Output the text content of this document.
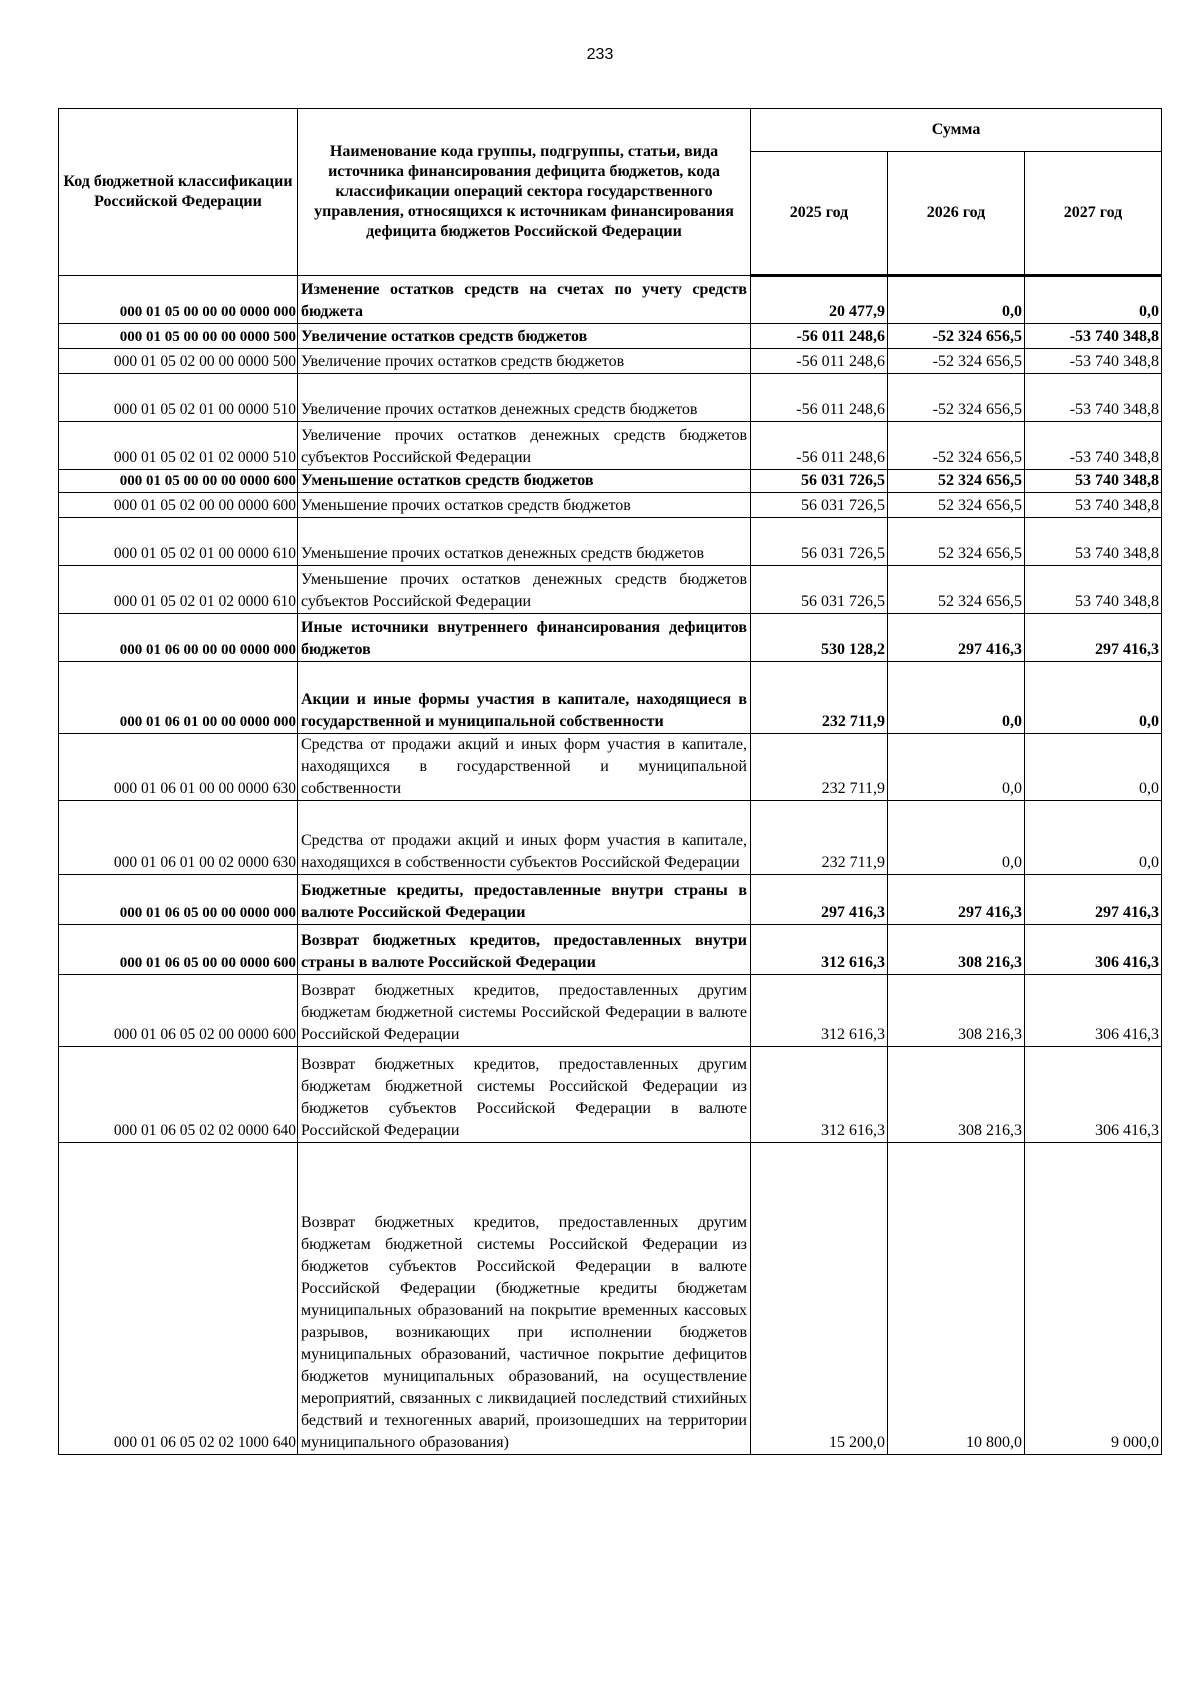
233
Код бюджетной классификации Российской Федерации	Наименование кода группы, подгруппы, статьи, вида источника финансирования дефицита бюджетов, кода классификации операций сектора государственного управления, относящихся к источникам финансирования дефицита бюджетов Российской Федерации	Сумма		
		2025 год	2026 год	2027 год
000 01 05 00 00 00 0000 000	Изменение остатков средств на счетах по учету средств бюджета	20 477,9	0,0	0,0
000 01 05 00 00 00 0000 500	Увеличение остатков средств бюджетов	-56 011 248,6	-52 324 656,5	-53 740 348,8
000 01 05 02 00 00 0000 500	Увеличение прочих остатков средств бюджетов	-56 011 248,6	-52 324 656,5	-53 740 348,8
000 01 05 02 01 00 0000 510	Увеличение прочих остатков денежных средств бюджетов	-56 011 248,6	-52 324 656,5	-53 740 348,8
000 01 05 02 01 02 0000 510	Увеличение прочих остатков денежных средств бюджетов субъектов Российской Федерации	-56 011 248,6	-52 324 656,5	-53 740 348,8
000 01 05 00 00 00 0000 600	Уменьшение остатков средств бюджетов	56 031 726,5	52 324 656,5	53 740 348,8
000 01 05 02 00 00 0000 600	Уменьшение прочих остатков средств бюджетов	56 031 726,5	52 324 656,5	53 740 348,8
000 01 05 02 01 00 0000 610	Уменьшение прочих остатков денежных средств бюджетов	56 031 726,5	52 324 656,5	53 740 348,8
000 01 05 02 01 02 0000 610	Уменьшение прочих остатков денежных средств бюджетов субъектов Российской Федерации	56 031 726,5	52 324 656,5	53 740 348,8
000 01 06 00 00 00 0000 000	Иные источники внутреннего финансирования дефицитов бюджетов	530 128,2	297 416,3	297 416,3
000 01 06 01 00 00 0000 000	Акции и иные формы участия в капитале, находящиеся в государственной и муниципальной собственности	232 711,9	0,0	0,0
000 01 06 01 00 00 0000 630	Средства от продажи акций и иных форм участия в капитале, находящихся в государственной и муниципальной собственности	232 711,9	0,0	0,0
000 01 06 01 00 02 0000 630	Средства от продажи акций и иных форм участия в капитале, находящихся в собственности субъектов Российской Федерации	232 711,9	0,0	0,0
000 01 06 05 00 00 0000 000	Бюджетные кредиты, предоставленные внутри страны в валюте Российской Федерации	297 416,3	297 416,3	297 416,3
000 01 06 05 00 00 0000 600	Возврат бюджетных кредитов, предоставленных внутри страны в валюте Российской Федерации	312 616,3	308 216,3	306 416,3
000 01 06 05 02 00 0000 600	Возврат бюджетных кредитов, предоставленных другим бюджетам бюджетной системы Российской Федерации в валюте Российской Федерации	312 616,3	308 216,3	306 416,3
000 01 06 05 02 02 0000 640	Возврат бюджетных кредитов, предоставленных другим бюджетам бюджетной системы Российской Федерации из бюджетов субъектов Российской Федерации в валюте Российской Федерации	312 616,3	308 216,3	306 416,3
000 01 06 05 02 02 1000 640	Возврат бюджетных кредитов, предоставленных другим бюджетам бюджетной системы Российской Федерации из бюджетов субъектов Российской Федерации в валюте Российской Федерации (бюджетные кредиты бюджетам муниципальных образований на покрытие временных кассовых разрывов, возникающих при исполнении бюджетов муниципальных образований, частичное покрытие дефицитов бюджетов муниципальных образований, на осуществление мероприятий, связанных с ликвидацией последствий стихийных бедствий и техногенных аварий, произошедших на территории муниципального образования)	15 200,0	10 800,0	9 000,0
